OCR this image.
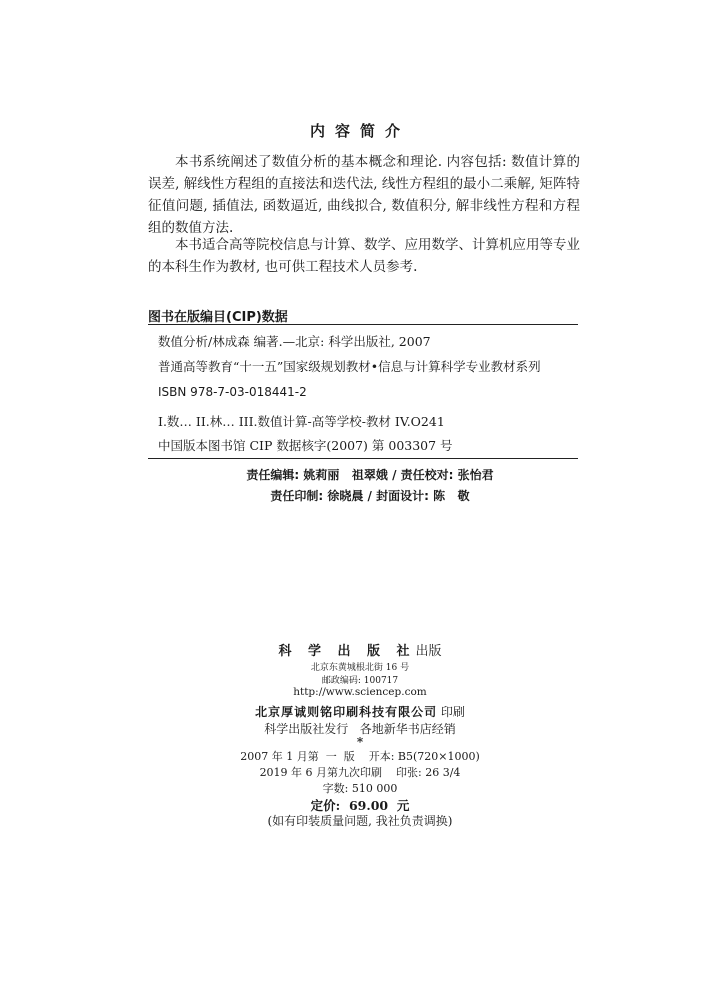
内容简介

本书系统阐述了数值分析的基本概念和理论. 内容包括: 数值计算的误差, 解线性方程组的直接法和迭代法, 线性方程组的最小二乘解, 矩阵特征值问题, 插值法, 函数逼近, 曲线拟合, 数值积分, 解非线性方程和方程组的数值方法.

本书适合高等院校信息与计算、数学、应用数学、计算机应用等专业的本科生作为教材, 也可供工程技术人员参考.

图书在版编目(CIP)数据
数值分析/林成森 编著.—北京: 科学出版社, 2007
普通高等教育“十一五”国家级规划教材•信息与计算科学专业教材系列
ISBN 978-7-03-018441-2
I.数… II.林… III.数值计算-高等学校-教材 IV.O241
中国版本图书馆 CIP 数据核字(2007) 第 003307 号
责任编辑: 姚莉丽   祖翠娥 / 责任校对: 张怡君
责任印制: 徐晓晨 / 封面设计: 陈   敬
科 学 出 版 社出版
北京东黄城根北街 16 号
邮政编码: 100717
http://www.sciencep.com
北京厚诚则铭印刷科技有限公司 印刷
科学出版社发行   各地新华书店经销
*
2007 年 1 月第  一  版    开本: B5(720×1000)
2019 年 6 月第九次印刷    印张: 26 3/4
字数: 510 000
定价:  69.00  元
(如有印装质量问题, 我社负责调换)
